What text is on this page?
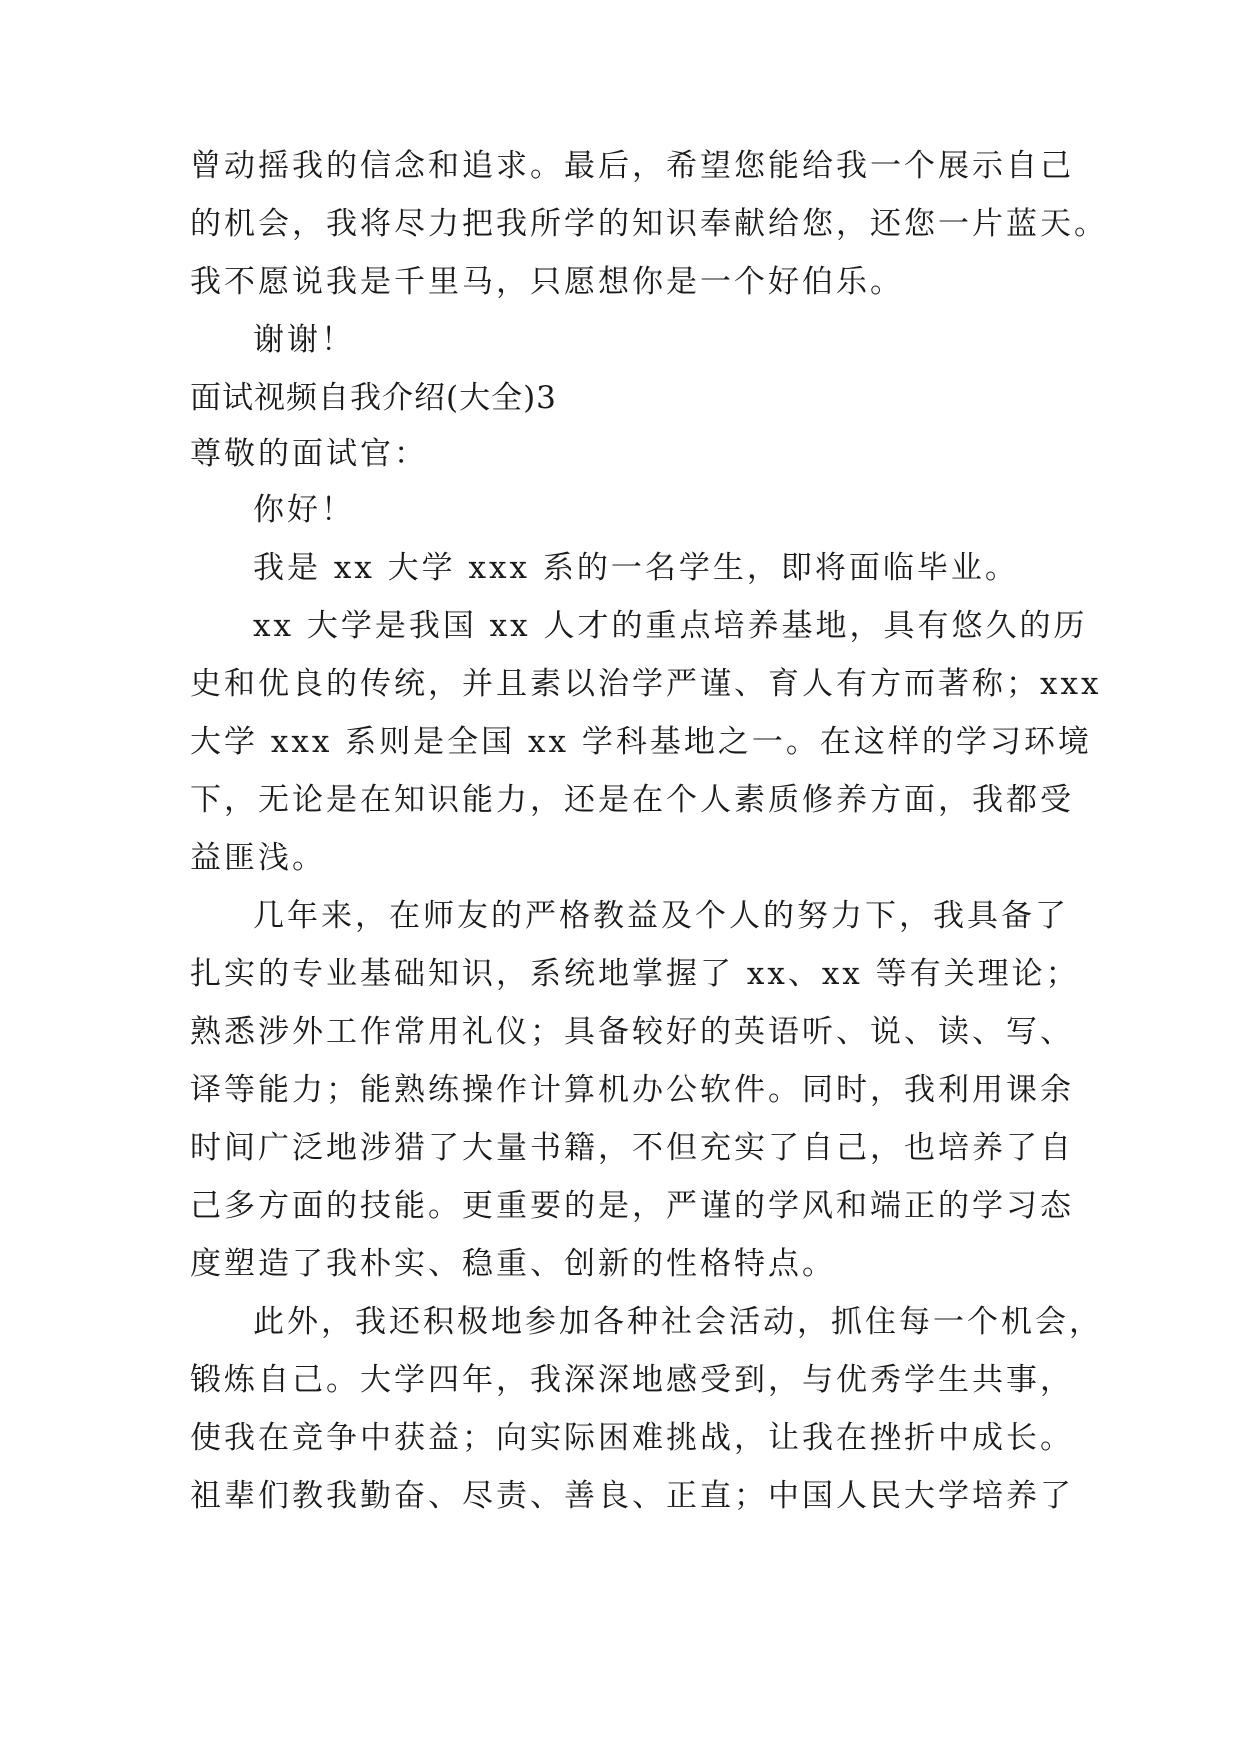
曾动摇我的信念和追求。最后，希望您能给我一个展示自己
的机会，我将尽力把我所学的知识奉献给您，还您一片蓝天。
我不愿说我是千里马，只愿想你是一个好伯乐。
谢谢！
面试视频自我介绍(大全)3
尊敬的面试官：
你好！
我是 xx 大学 xxx 系的一名学生，即将面临毕业。
xx 大学是我国 xx 人才的重点培养基地，具有悠久的历
史和优良的传统，并且素以治学严谨、育人有方而著称；xxx
大学 xxx 系则是全国 xx 学科基地之一。在这样的学习环境
下，无论是在知识能力，还是在个人素质修养方面，我都受
益匪浅。
几年来，在师友的严格教益及个人的努力下，我具备了
扎实的专业基础知识，系统地掌握了 xx、xx 等有关理论；
熟悉涉外工作常用礼仪；具备较好的英语听、说、读、写、
译等能力；能熟练操作计算机办公软件。同时，我利用课余
时间广泛地涉猎了大量书籍，不但充实了自己，也培养了自
己多方面的技能。更重要的是，严谨的学风和端正的学习态
度塑造了我朴实、稳重、创新的性格特点。
此外，我还积极地参加各种社会活动，抓住每一个机会，
锻炼自己。大学四年，我深深地感受到，与优秀学生共事，
使我在竞争中获益；向实际困难挑战，让我在挫折中成长。
祖辈们教我勤奋、尽责、善良、正直；中国人民大学培养了
